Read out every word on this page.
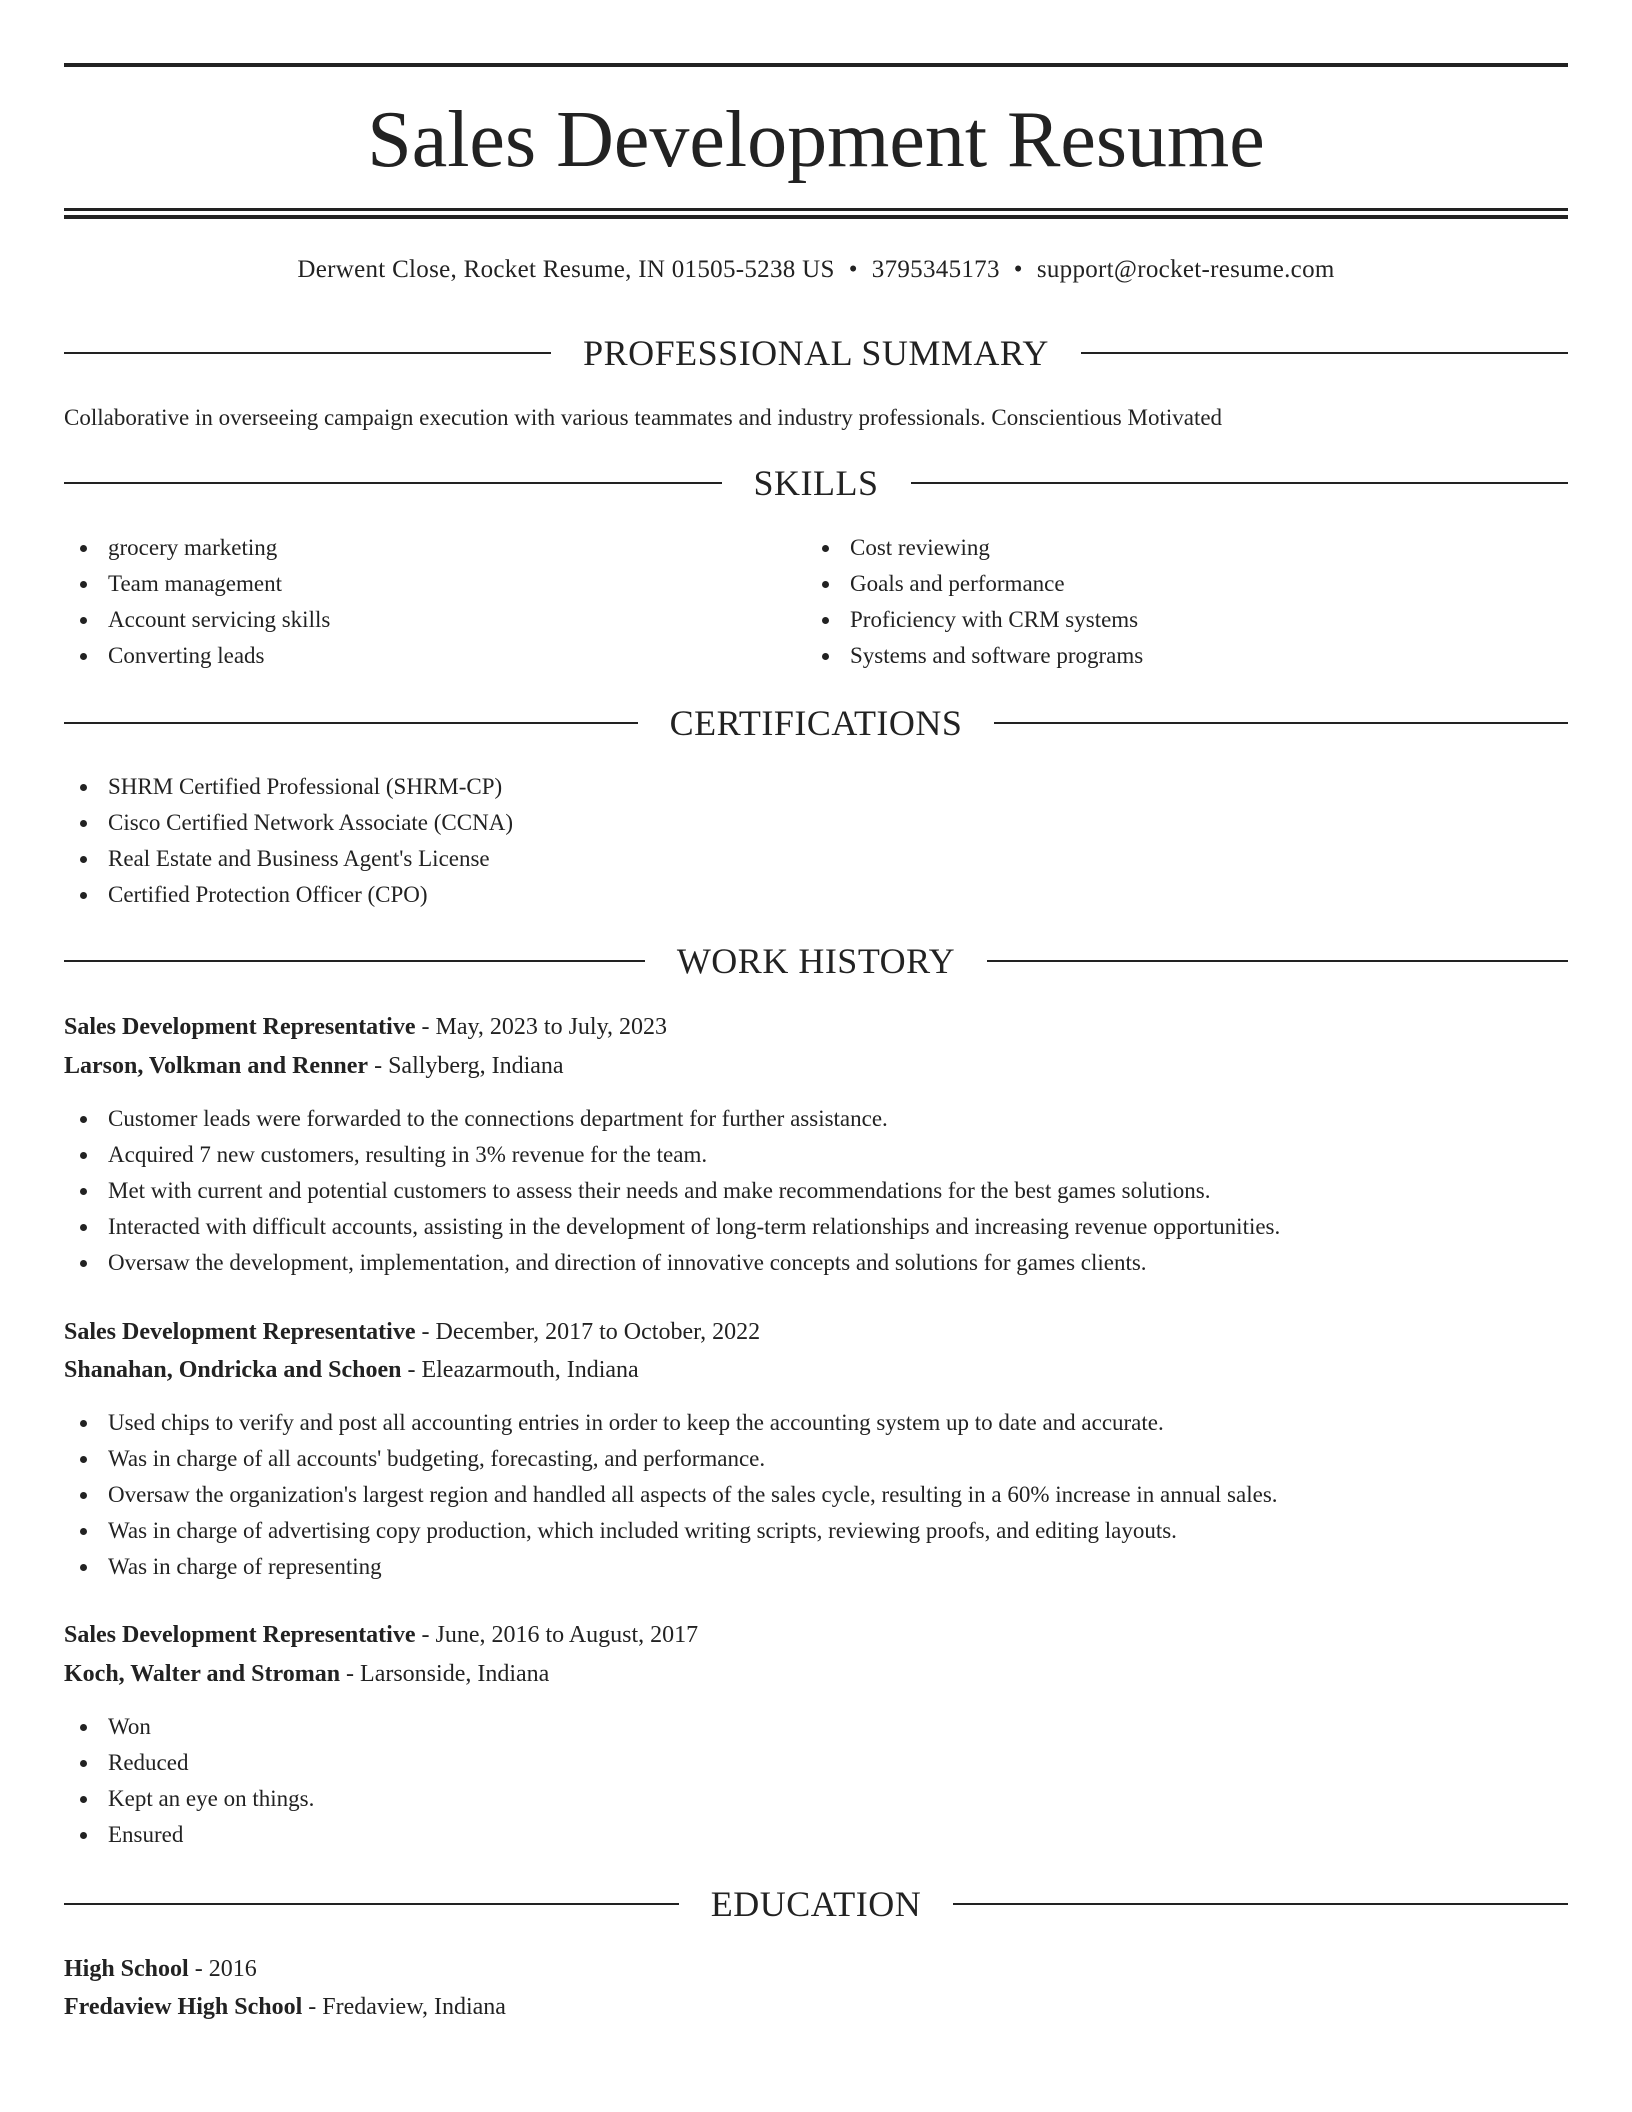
Sales Development Resume
Derwent Close, Rocket Resume, IN 01505-5238 US • 3795345173 • support@rocket-resume.com
PROFESSIONAL SUMMARY
Collaborative in overseeing campaign execution with various teammates and industry professionals. Conscientious Motivated
SKILLS
grocery marketing
Team management
Account servicing skills
Converting leads
Cost reviewing
Goals and performance
Proficiency with CRM systems
Systems and software programs
CERTIFICATIONS
SHRM Certified Professional (SHRM-CP)
Cisco Certified Network Associate (CCNA)
Real Estate and Business Agent's License
Certified Protection Officer (CPO)
WORK HISTORY
Sales Development Representative - May, 2023 to July, 2023
Larson, Volkman and Renner - Sallyberg, Indiana
Customer leads were forwarded to the connections department for further assistance.
Acquired 7 new customers, resulting in 3% revenue for the team.
Met with current and potential customers to assess their needs and make recommendations for the best games solutions.
Interacted with difficult accounts, assisting in the development of long-term relationships and increasing revenue opportunities.
Oversaw the development, implementation, and direction of innovative concepts and solutions for games clients.
Sales Development Representative - December, 2017 to October, 2022
Shanahan, Ondricka and Schoen - Eleazarmouth, Indiana
Used chips to verify and post all accounting entries in order to keep the accounting system up to date and accurate.
Was in charge of all accounts' budgeting, forecasting, and performance.
Oversaw the organization's largest region and handled all aspects of the sales cycle, resulting in a 60% increase in annual sales.
Was in charge of advertising copy production, which included writing scripts, reviewing proofs, and editing layouts.
Was in charge of representing
Sales Development Representative - June, 2016 to August, 2017
Koch, Walter and Stroman - Larsonside, Indiana
Won
Reduced
Kept an eye on things.
Ensured
EDUCATION
High School - 2016
Fredaview High School - Fredaview, Indiana
